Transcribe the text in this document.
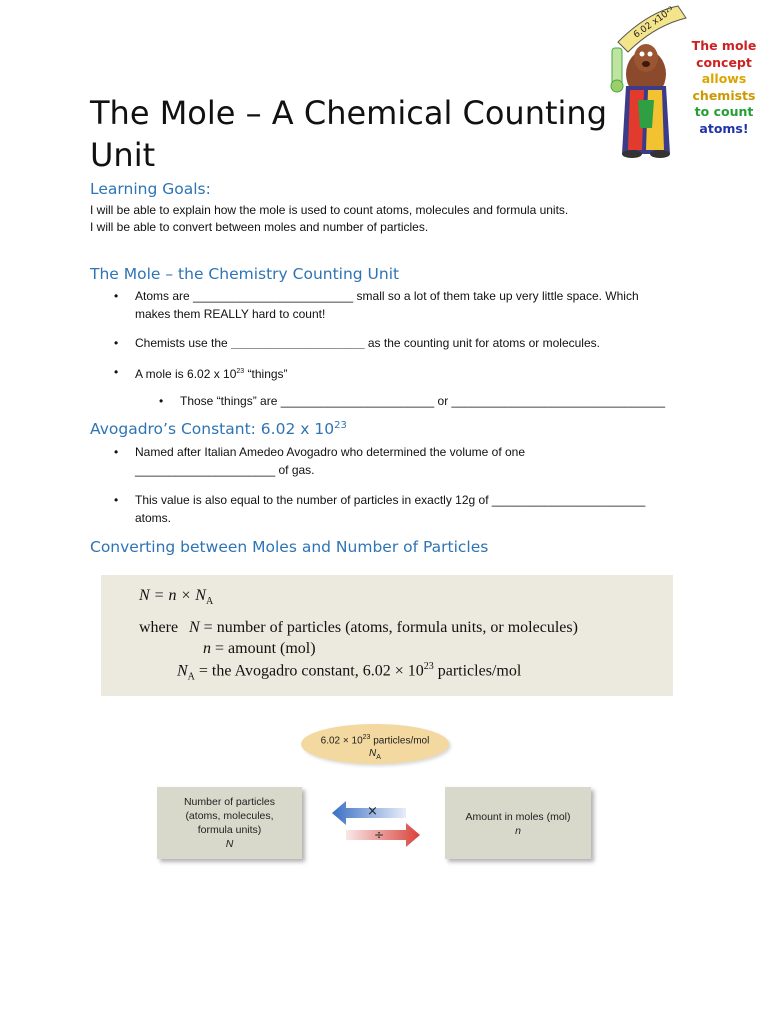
6.02 x10²³
The mole
concept
allows
chemists
to count
atoms!
The Mole – A Chemical Counting Unit
Learning Goals:
I will be able to explain how the mole is used to count atoms, molecules and formula units.
I will be able to convert between moles and number of particles.
The Mole – the Chemistry Counting Unit
•	Atoms are ________________________ small so a lot of them take up very little space. Which
makes them REALLY hard to count!
•	Chemists use the ____________________ as the counting unit for atoms or molecules.
•	A mole is 6.02 x $10^{23}$ “things”
•	Those “things” are _______________________ or ________________________________
Avogadro’s Constant: 6.02 x $10^{23}$
•	Named after Italian Amedeo Avogadro who determined the volume of one
_____________________ of gas.
•	This value is also equal to the number of particles in exactly 12g of _______________________
atoms.
Converting between Moles and Number of Particles
$N = n \times N_A$
where N = number of particles (atoms, formula units, or molecules)
n = amount (mol)
$N_A$ = the Avogadro constant, $6.02 \times 10^{23}$ particles/mol
$6.02 \times 10^{23}$ particles/mol
$N_A$
Number of particles
(atoms, molecules,
formula units)
N
Amount in moles (mol)
n
×
÷
